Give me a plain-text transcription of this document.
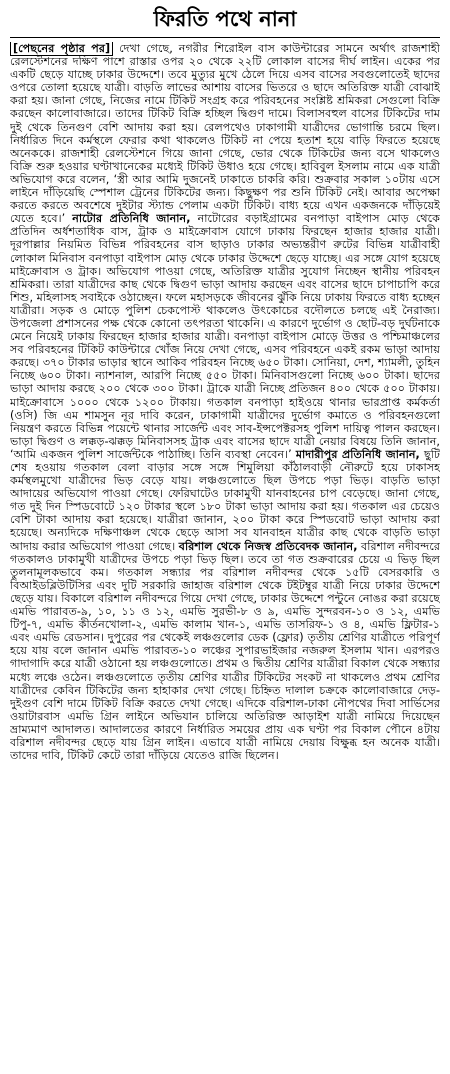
ফিরতি পথে নানা

[পেছনের পৃষ্ঠার পর] দেখা গেছে, নগরীর শিরোইল বাস কাউন্টারের সামনে অর্থাৎ রাজশাহী রেলস্টেশনের দক্ষিণ পাশে রাস্তার ওপর ২০ থেকে ২২টি লোকাল বাসের দীর্ঘ লাইন। একের পর একটি ছেড়ে যাচ্ছে ঢাকার উদ্দেশে। তবে মুত্যুর মুখে ঠেলে দিয়ে এসব বাসের সবগুলোতেই ছাদের ওপরে তোলা হয়েছে যাত্রী। বাড়তি লাভের আশায় বাসের ভিতরে ও ছাদে অতিরিক্ত যাত্রী বোঝাই করা হয়। জানা গেছে, নিজের নামে টিকিট সংগ্রহ করে পরিবহনের সংশ্লিষ্ট শ্রমিকরা সেগুলো বিক্রি করছেন কালোবাজারে। তাদের টিকিট বিক্রি হচ্ছিল দ্বিগুণ দামে। বিলাসবহুল বাসের টিকিটের দাম দুই থেকে তিনগুণ বেশি আদায় করা হয়। রেলপথেও ঢাকাগামী যাত্রীদের ভোগান্তি চরমে ছিল। নির্ধারিত দিনে কর্মস্থলে ফেরার কথা থাকলেও টিকিট না পেয়ে হতাশ হয়ে বাড়ি ফিরতে হয়েছে অনেককে। রাজশাহী রেলস্টেশনে গিয়ে জানা গেছে, ভোর থেকে টিকিটের জন্য বসে থাকলেও বিক্রি শুরু হওয়ার ঘণ্টাখানেকের মধ্যেই টিকিট উধাও হয়ে গেছে। হাবিবুল ইসলাম নামে এক যাত্রী অভিযোগ করে বলেন, ‘স্ত্রী আর আমি দুজনেই ঢাকাতে চাকরি করি। শুক্রবার সকাল ১০টায় এসে লাইনে দাঁড়িয়েছি স্পেশাল ট্রেনের টিকিটের জন্য। কিছুক্ষণ পর শুনি টিকিট নেই। আবার অপেক্ষা করতে করতে অবশেষে দুইটার স্ট্যান্ড পেলাম একটা টিকিট। বাধ্য হয়ে এখন একজনকে দাঁড়িয়েই যেতে হবে।’ নাটোর প্রতিনিধি জানান, নাটোরের বড়াইগ্রামের বনপাড়া বাইপাস মোড় থেকে প্রতিদিন অর্ধশতাধিক বাস, ট্রাক ও মাইক্রোবাস যোগে ঢাকায় ফিরছেন হাজার হাজার যাত্রী। দূরপাল্লার নিয়মিত বিভিন্ন পরিবহনের বাস ছাড়াও ঢাকার অভ্যন্তরীণ রুটের বিভিন্ন যাত্রীবাহী লোকাল মিনিবাস বনপাড়া বাইপাস মোড় থেকে ঢাকার উদ্দেশে ছেড়ে যাচ্ছে। এর সঙ্গে যোগ হয়েছে মাইক্রোবাস ও ট্রাক। অভিযোগ পাওয়া গেছে, অতিরিক্ত যাত্রীর সুযোগ নিচ্ছেন স্থানীয় পরিবহন শ্রমিকরা। তারা যাত্রীদের কাছ থেকে দ্বিগুণ ভাড়া আদায় করছেন এবং বাসের ছাদে চাপাচাপি করে শিশু, মহিলাসহ সবাইকে ওঠাচ্ছেন। ফলে মহাসড়কে জীবনের ঝুঁকি নিয়ে ঢাকায় ফিরতে বাধ্য হচ্ছেন যাত্রীরা। সড়ক ও মোড়ে পুলিশ চেকপোস্ট থাকলেও উৎকোচের বদৌলতে চলছে এই নৈরাজ্য। উপজেলা প্রশাসনের পক্ষ থেকে কোনো তৎপরতা থাকেনি। এ কারণে দুর্ভোগ ও ছোট-বড় দুর্ঘটনাকে মেনে নিয়েই ঢাকায় ফিরছেন হাজার হাজার যাত্রী। বনপাড়া বাইপাস মোড়ে উত্তর ও পশ্চিমাঞ্চলের সব পরিবহনের টিকিট কাউন্টারে খোঁজ নিয়ে দেখা গেছে, এসব পরিবহনে একই রকম ভাড়া আদায় করছে। ৩৭০ টাকার ভাড়ার স্থানে আকিব পরিবহন নিচ্ছে ৬৫০ টাকা। সোনিয়া, দেশ, শ্যামলী, তুহিন নিচ্ছে ৬০০ টাকা। ন্যাশনাল, আরপি নিচ্ছে ৫৫০ টাকা। মিনিবাসগুলো নিচ্ছে ৬০০ টাকা। ছাদের ভাড়া আদায় করছে ২০০ থেকে ৩০০ টাকা। ট্রাকে যাত্রী নিচ্ছে প্রতিজন ৪০০ থেকে ৫০০ টাকায়। মাইক্রোবাসে ১০০০ থেকে ১২০০ টাকায়। গতকাল বনপাড়া হাইওয়ে থানার ভারপ্রাপ্ত কর্মকর্তা (ওসি) জি এম শামসুন নূর দাবি করেন, ঢাকাগামী যাত্রীদের দুর্ভোগ কমাতে ও পরিবহনগুলো নিয়ন্ত্রণ করতে বিভিন্ন পয়েন্টে থানার সার্জেন্ট এবং সাব-ইন্সপেক্টরসহ পুলিশ দায়িত্ব পালন করছেন। ভাড়া দ্বিগুণ ও লক্কড়-ঝক্কড় মিনিবাসসহ ট্রাক এবং বাসের ছাদে যাত্রী নেয়ার বিষয়ে তিনি জানান, ‘আমি একজন পুলিশ সার্জেন্টকে পাঠাচ্ছি। তিনি ব্যবস্থা নেবেন।’ মাদারীপুর প্রতিনিধি জানান, ছুটি শেষ হওয়ায় গতকাল বেলা বাড়ার সঙ্গে সঙ্গে শিমুলিয়া কাঁঠালবাড়ী নৌরুটে হয়ে ঢাকাসহ কর্মস্থলমুখো যাত্রীদের ভিড় বেড়ে যায়। লঞ্চগুলোতে ছিল উপচে পড়া ভিড়। বাড়তি ভাড়া আদায়ের অভিযোগ পাওয়া গেছে। ফেরিঘাটেও ঢাকামুখী যানবাহনের চাপ বেড়েছে। জানা গেছে, গত দুই দিন স্পিডবোটে ১২০ টাকার স্থলে ১৮০ টাকা ভাড়া আদায় করা হয়। গতকাল এর চেয়েও বেশি টাকা আদায় করা হয়েছে। যাত্রীরা জানান, ২০০ টাকা করে স্পিডবোট ভাড়া আদায় করা হয়েছে। অন্যদিকে দক্ষিণাঞ্চল থেকে ছেড়ে আসা সব যানবাহন যাত্রীর কাছ থেকে বাড়তি ভাড়া আদায় করার অভিযোগ পাওয়া গেছে। বরিশাল থেকে নিজস্ব প্রতিবেদক জানান, বরিশাল নদীবন্দরে গতকালও ঢাকামুখী যাত্রীদের উপচে পড়া ভিড় ছিল। তবে তা গত শুক্রবারের চেয়ে এ ভিড় ছিল তুলনামূলকভাবে কম। গতকাল সন্ধ্যার পর বরিশাল নদীবন্দর থেকে ১৫টি বেসরকারি ও বিআইডব্লিউটিসির এবং দুটি সরকারি জাহাজ বরিশাল থেকে টইটম্বুর যাত্রী নিয়ে ঢাকার উদ্দেশে ছেড়ে যায়। বিকালে বরিশাল নদীবন্দরে গিয়ে দেখা গেছে, ঢাকার উদ্দেশে পন্টুনে নোঙর করা রয়েছে এমভি পারাবত-৯, ১০, ১১ ও ১২, এমভি সুরভী-৮ ও ৯, এমভি সুন্দরবন-১০ ও ১২, এমভি টিপু-৭, এমভি কীর্তনখোলা-২, এমভি কালাম খান-১, এমভি তাসরিফ-১ ও ৪, এমভি ফ্লিটার-১ এবং এমভি রেডসান। দুপুরের পর থেকেই লঞ্চগুলোর ডেক (ফ্লোর) তৃতীয় শ্রেণির যাত্রীতে পরিপূর্ণ হয়ে যায় বলে জানান এমভি পারাবত-১০ লঞ্চের সুপারভাইজার নজরুল ইসলাম খান। এরপরও গাদাগাদি করে যাত্রী ওঠানো হয় লঞ্চগুলোতে। প্রথম ও দ্বিতীয় শ্রেণির যাত্রীরা বিকাল থেকে সন্ধ্যার মধ্যে লঞ্চে ওঠেন। লঞ্চগুলোতে তৃতীয় শ্রেণির যাত্রীর টিকিটের সংকট না থাকলেও প্রথম শ্রেণির যাত্রীদের কেবিন টিকিটের জন্য হাহাকার দেখা গেছে। চিহ্নিত দালাল চক্রকে কালোবাজারে দেড়-দুইগুণ বেশি দামে টিকিট বিক্রি করতে দেখা গেছে। এদিকে বরিশাল-ঢাকা নৌপথের দিবা সার্ভিসের ওয়াটারবাস এমভি গ্রিন লাইনে অভিযান চালিয়ে অতিরিক্ত আড়াইশ যাত্রী নামিয়ে দিয়েছেন ভ্রাম্যমাণ আদালত। আদালতের কারণে নির্ধারিত সময়ের প্রায় এক ঘণ্টা পর বিকাল পৌনে ৪টায় বরিশাল নদীবন্দর ছেড়ে যায় গ্রিন লাইন। এভাবে যাত্রী নামিয়ে দেয়ায় বিক্ষুব্ধ হন অনেক যাত্রী। তাদের দাবি, টিকিট কেটে তারা দাঁড়িয়ে যেতেও রাজি ছিলেন।
